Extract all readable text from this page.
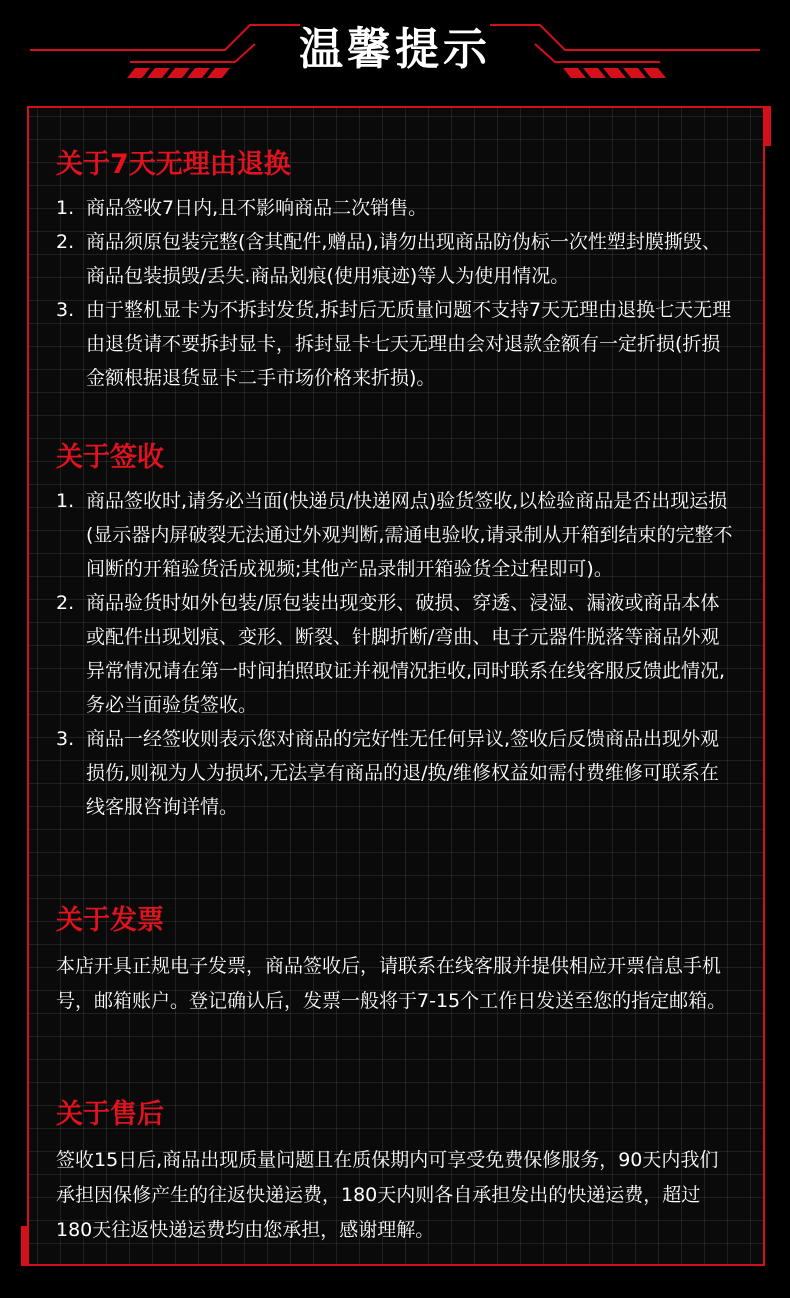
温馨提示
关于7天无理由退换
1. 商品签收7日内,且不影响商品二次销售。
2. 商品须原包装完整(含其配件,赠品),请勿出现商品防伪标一次性塑封膜撕毁、商品包装损毁/丢失.商品划痕(使用痕迹)等人为使用情况。
3. 由于整机显卡为不拆封发货,拆封后无质量问题不支持7天无理由退换七天无理由退货请不要拆封显卡，拆封显卡七天无理由会对退款金额有一定折损(折损金额根据退货显卡二手市场价格来折损)。
关于签收
1. 商品签收时,请务必当面(快递员/快递网点)验货签收,以检验商品是否出现运损(显示器内屏破裂无法通过外观判断,需通电验收,请录制从开箱到结束的完整不间断的开箱验货活成视频;其他产品录制开箱验货全过程即可)。
2. 商品验货时如外包装/原包装出现变形、破损、穿透、浸湿、漏液或商品本体或配件出现划痕、变形、断裂、针脚折断/弯曲、电子元器件脱落等商品外观异常情况请在第一时间拍照取证并视情况拒收,同时联系在线客服反馈此情况,务必当面验货签收。
3. 商品一经签收则表示您对商品的完好性无任何异议,签收后反馈商品出现外观损伤,则视为人为损坏,无法享有商品的退/换/维修权益如需付费维修可联系在线客服咨询详情。
关于发票

本店开具正规电子发票，商品签收后，请联系在线客服并提供相应开票信息手机号，邮箱账户。登记确认后，发票一般将于7-15个工作日发送至您的指定邮箱。

关于售后

签收15日后,商品出现质量问题且在质保期内可享受免费保修服务，90天内我们承担因保修产生的往返快递运费，180天内则各自承担发出的快递运费，超过180天往返快递运费均由您承担，感谢理解。
